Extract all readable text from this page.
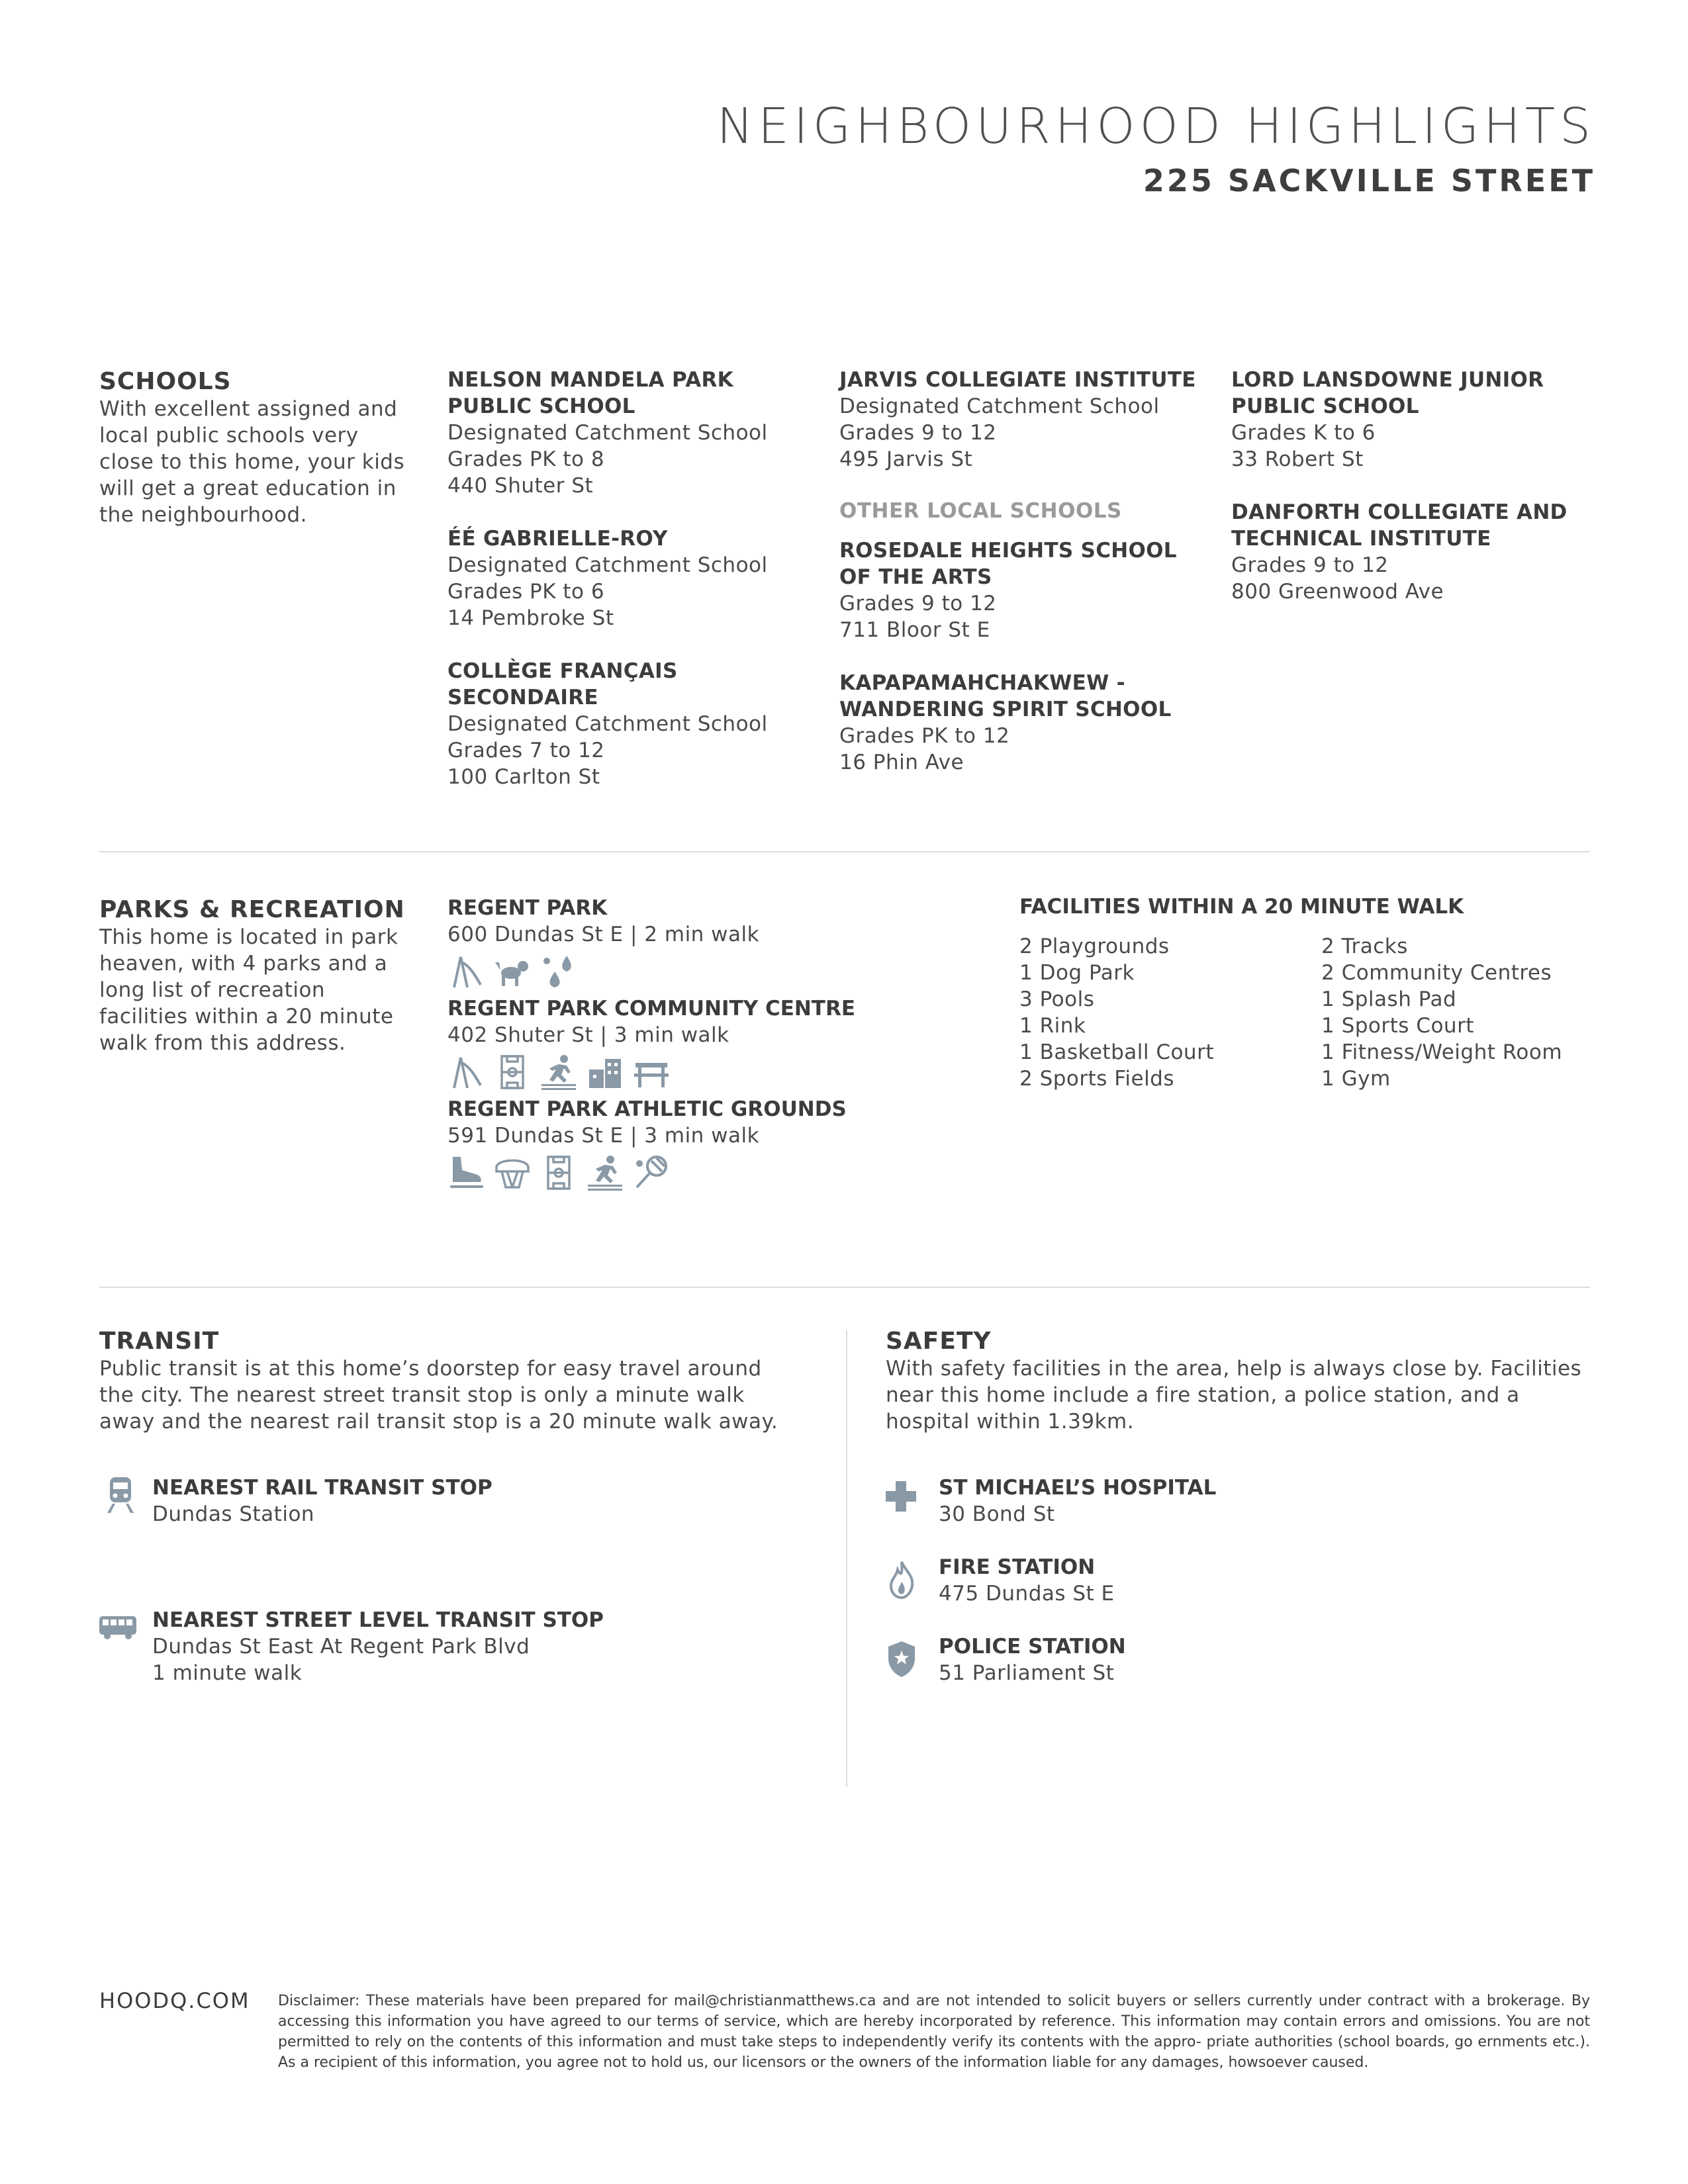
NEIGHBOURHOOD HIGHLIGHTS
225 SACKVILLE STREET
SCHOOLS
With excellent assigned and local public schools very close to this home, your kids will get a great education in the neighbourhood.
NELSON MANDELA PARK PUBLIC SCHOOL
Designated Catchment School
Grades PK to 8
440 Shuter St
ÉÉ GABRIELLE-ROY
Designated Catchment School
Grades PK to 6
14 Pembroke St
COLLÈGE FRANÇAIS SECONDAIRE
Designated Catchment School
Grades 7 to 12
100 Carlton St
JARVIS COLLEGIATE INSTITUTE
Designated Catchment School
Grades 9 to 12
495 Jarvis St
OTHER LOCAL SCHOOLS
ROSEDALE HEIGHTS SCHOOL OF THE ARTS
Grades 9 to 12
711 Bloor St E
KAPAPAMAHCHAKWEW - WANDERING SPIRIT SCHOOL
Grades PK to 12
16 Phin Ave
LORD LANSDOWNE JUNIOR PUBLIC SCHOOL
Grades K to 6
33 Robert St
DANFORTH COLLEGIATE AND TECHNICAL INSTITUTE
Grades 9 to 12
800 Greenwood Ave
PARKS & RECREATION
This home is located in park heaven, with 4 parks and a long list of recreation facilities within a 20 minute walk from this address.
REGENT PARK
600 Dundas St E | 2 min walk
REGENT PARK COMMUNITY CENTRE
402 Shuter St | 3 min walk
REGENT PARK ATHLETIC GROUNDS
591 Dundas St E | 3 min walk
FACILITIES WITHIN A 20 MINUTE WALK
2 Playgrounds
1 Dog Park
3 Pools
1 Rink
1 Basketball Court
2 Sports Fields
2 Tracks
2 Community Centres
1 Splash Pad
1 Sports Court
1 Fitness/Weight Room
1 Gym
TRANSIT
Public transit is at this home’s doorstep for easy travel around the city. The nearest street transit stop is only a minute walk away and the nearest rail transit stop is a 20 minute walk away.
NEAREST RAIL TRANSIT STOP
Dundas Station
NEAREST STREET LEVEL TRANSIT STOP
Dundas St East At Regent Park Blvd
1 minute walk
SAFETY
With safety facilities in the area, help is always close by. Facilities near this home include a fire station, a police station, and a hospital within 1.39km.
ST MICHAEL’S HOSPITAL
30 Bond St
FIRE STATION
475 Dundas St E
POLICE STATION
51 Parliament St
HOODQ.COM Disclaimer: These materials have been prepared for mail@christianmatthews.ca and are not intended to solicit buyers or sellers currently under contract with a brokerage. By accessing this information you have agreed to our terms of service, which are hereby incorporated by reference. This information may contain errors and omissions. You are not permitted to rely on the contents of this information and must take steps to independently verify its contents with the appro- priate authorities (school boards, go ernments etc.). As a recipient of this information, you agree not to hold us, our licensors or the owners of the information liable for any damages, howsoever caused.
